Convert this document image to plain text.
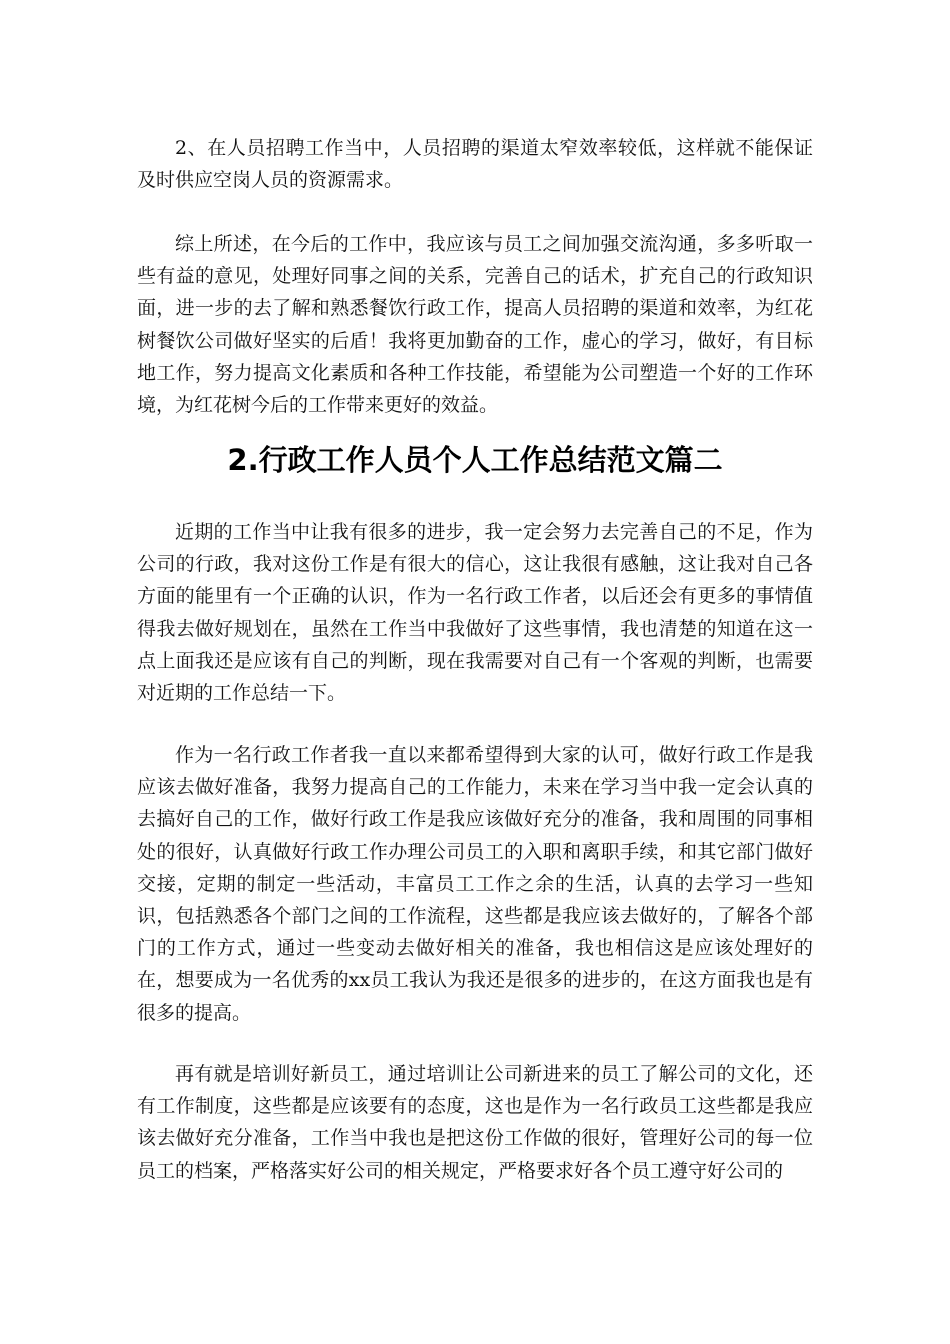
2、在人员招聘工作当中，人员招聘的渠道太窄效率较低，这样就不能保证及时供应空岗人员的资源需求。

综上所述，在今后的工作中，我应该与员工之间加强交流沟通，多多听取一些有益的意见，处理好同事之间的关系，完善自己的话术，扩充自己的行政知识面，进一步的去了解和熟悉餐饮行政工作，提高人员招聘的渠道和效率，为红花树餐饮公司做好坚实的后盾！我将更加勤奋的工作，虚心的学习，做好，有目标地工作，努力提高文化素质和各种工作技能，希望能为公司塑造一个好的工作环境，为红花树今后的工作带来更好的效益。

2.行政工作人员个人工作总结范文篇二

近期的工作当中让我有很多的进步，我一定会努力去完善自己的不足，作为公司的行政，我对这份工作是有很大的信心，这让我很有感触，这让我对自己各方面的能里有一个正确的认识，作为一名行政工作者，以后还会有更多的事情值得我去做好规划在，虽然在工作当中我做好了这些事情，我也清楚的知道在这一点上面我还是应该有自己的判断，现在我需要对自己有一个客观的判断，也需要对近期的工作总结一下。

作为一名行政工作者我一直以来都希望得到大家的认可，做好行政工作是我应该去做好准备，我努力提高自己的工作能力，未来在学习当中我一定会认真的去搞好自己的工作，做好行政工作是我应该做好充分的准备，我和周围的同事相处的很好，认真做好行政工作办理公司员工的入职和离职手续，和其它部门做好交接，定期的制定一些活动，丰富员工工作之余的生活，认真的去学习一些知识，包括熟悉各个部门之间的工作流程，这些都是我应该去做好的，了解各个部门的工作方式，通过一些变动去做好相关的准备，我也相信这是应该处理好的在，想要成为一名优秀的xx员工我认为我还是很多的进步的，在这方面我也是有很多的提高。

再有就是培训好新员工，通过培训让公司新进来的员工了解公司的文化，还有工作制度，这些都是应该要有的态度，这也是作为一名行政员工这些都是我应该去做好充分准备，工作当中我也是把这份工作做的很好，管理好公司的每一位员工的档案，严格落实好公司的相关规定，严格要求好各个员工遵守好公司的
